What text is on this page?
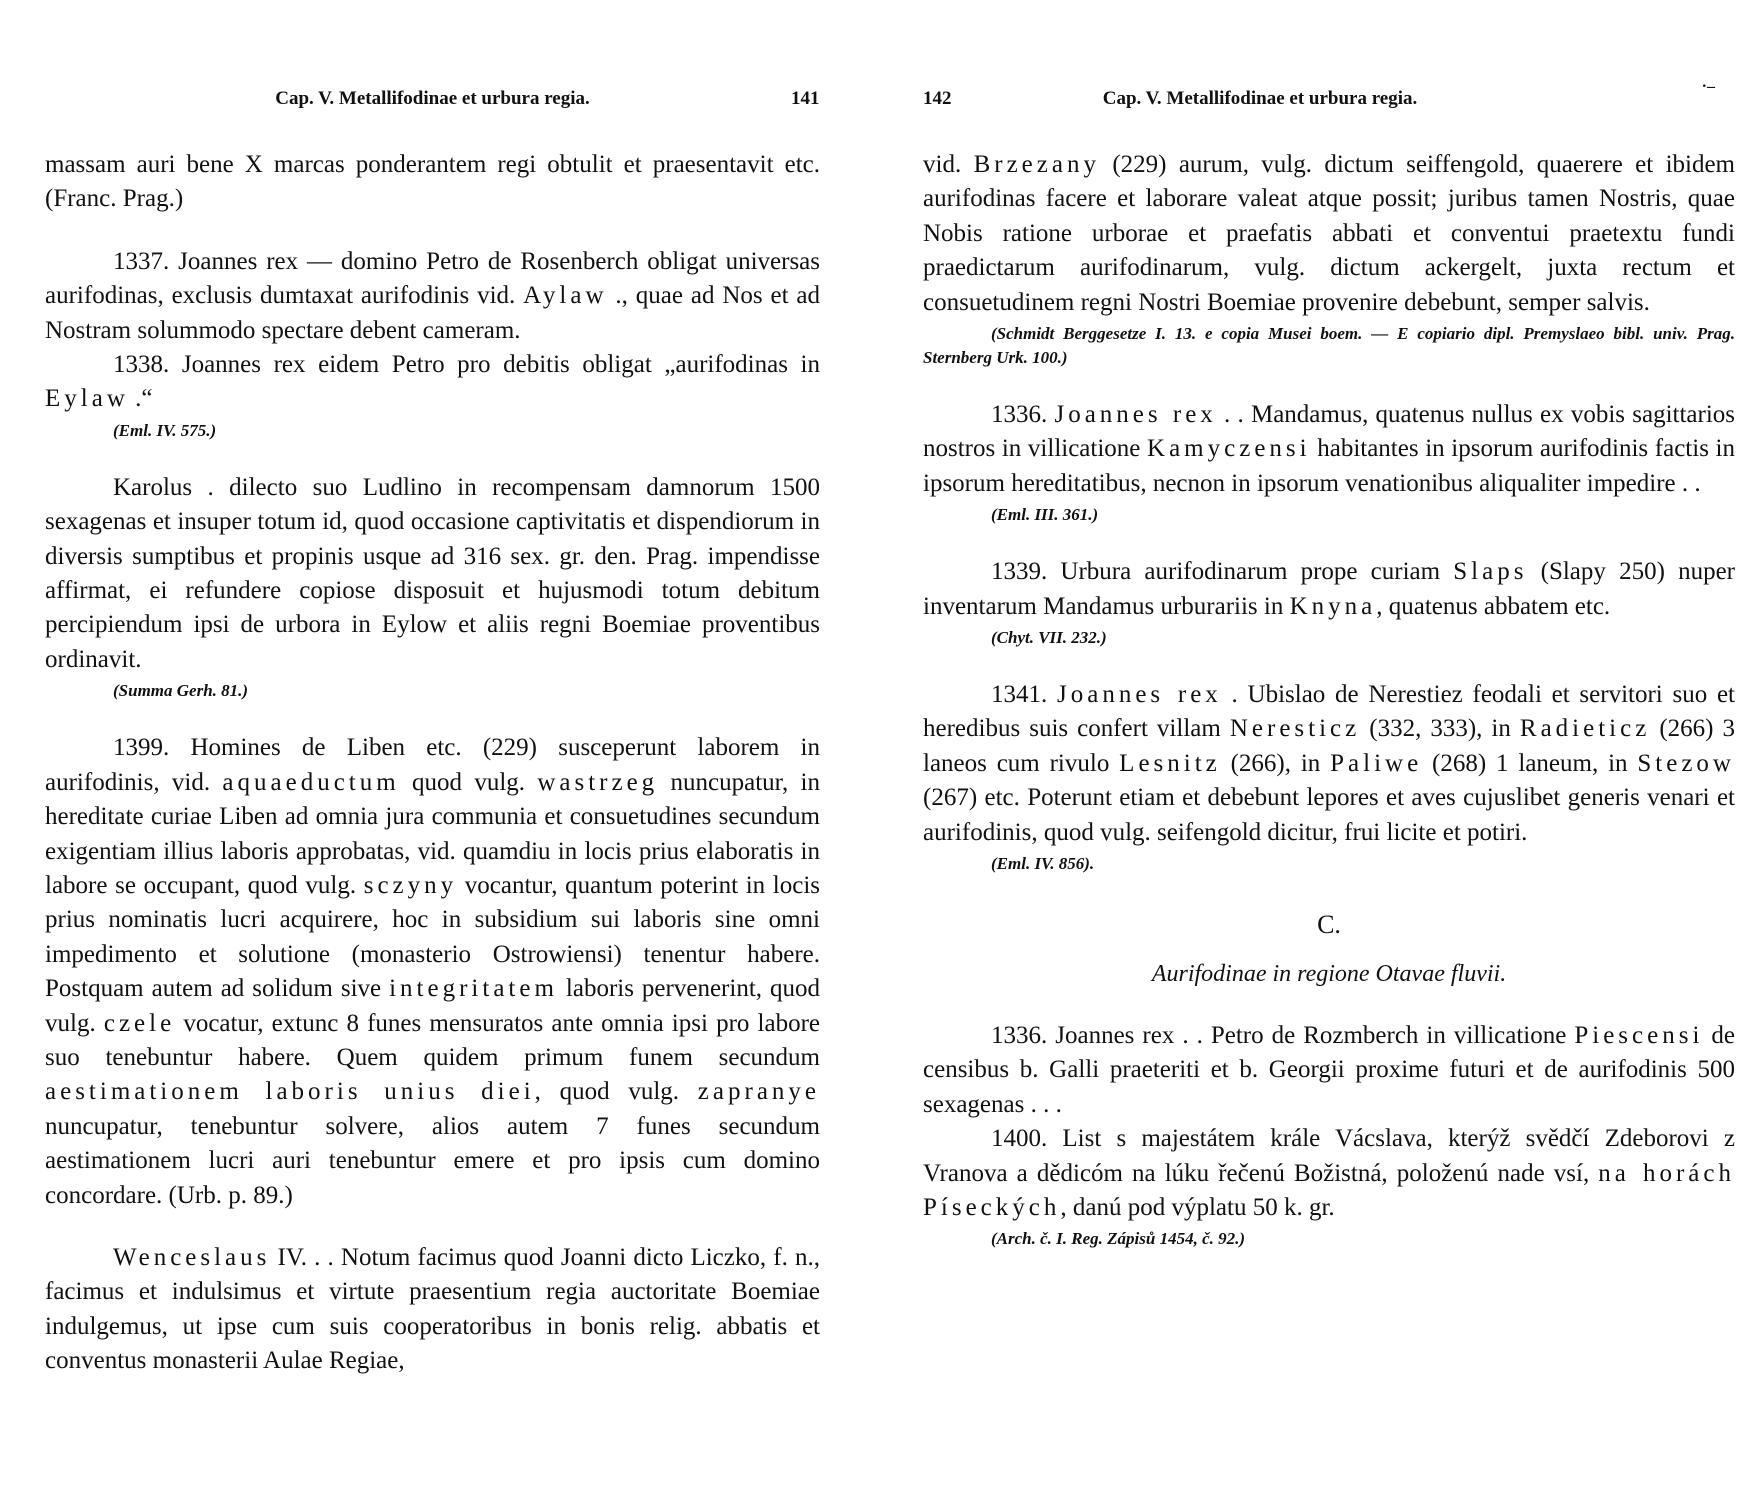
Cap. V. Metallifodinae et urbura regia.	141

massam auri bene X marcas ponderantem regi obtulit et praesentavit etc. (Franc. Prag.)

1337. Joannes rex — domino Petro de Rosenberch obligat universas aurifodinas, exclusis dumtaxat aurifodinis vid. Aylaw ., quae ad Nos et ad Nostram solummodo spectare debent cameram.

1338. Joannes rex eidem Petro pro debitis obligat „aurifodinas in Eylaw .“

(Eml. IV. 575.)

Karolus . dilecto suo Ludlino in recompensam damnorum 1500 sexagenas et insuper totum id, quod occasione captivitatis et dispendiorum in diversis sumptibus et propinis usque ad 316 sex. gr. den. Prag. impendisse affirmat, ei refundere copiose disposuit et hujusmodi totum debitum percipiendum ipsi de urbora in Eylow et aliis regni Boemiae proventibus ordinavit.

(Summa Gerh. 81.)

1399. Homines de Liben etc. (229) susceperunt laborem in aurifodinis, vid. aquaeductum quod vulg. wastrzeg nuncupatur, in hereditate curiae Liben ad omnia jura communia et consuetudines secundum exigentiam illius laboris approbatas, vid. quamdiu in locis prius elaboratis in labore se occupant, quod vulg. sczyny vocantur, quantum poterint in locis prius nominatis lucri acquirere, hoc in subsidium sui laboris sine omni impedimento et solutione (monasterio Ostrowiensi) tenentur habere. Postquam autem ad solidum sive integritatem laboris pervenerint, quod vulg. czele vocatur, extunc 8 funes mensuratos ante omnia ipsi pro labore suo tenebuntur habere. Quem quidem primum funem secundum aestimationem laboris unius diei, quod vulg. zapranye nuncupatur, tenebuntur solvere, alios autem 7 funes secundum aestimationem lucri auri tenebuntur emere et pro ipsis cum domino concordare. (Urb. p. 89.)

Wenceslaus IV. . . Notum facimus quod Joanni dicto Liczko, f. n., facimus et indulsimus et virtute praesentium regia auctoritate Boemiae indulgemus, ut ipse cum suis cooperatoribus in bonis relig. abbatis et conventus monasterii Aulae Regiae,

142	Cap. V. Metallifodinae et urbura regia.
·–

vid. Brzezany (229) aurum, vulg. dictum seiffengold, quaerere et ibidem aurifodinas facere et laborare valeat atque possit; juribus tamen Nostris, quae Nobis ratione urborae et praefatis abbati et conventui praetextu fundi praedictarum aurifodinarum, vulg. dictum ackergelt, juxta rectum et consuetudinem regni Nostri Boemiae provenire debebunt, semper salvis.

(Schmidt Berggesetze I. 13. e copia Musei boem. — E copiario dipl. Premyslaeo bibl. univ. Prag. Sternberg Urk. 100.)

1336. Joannes rex . . Mandamus, quatenus nullus ex vobis sagittarios nostros in villicatione Kamyczensi habitantes in ipsorum aurifodinis factis in ipsorum hereditatibus, necnon in ipsorum venationibus aliqualiter impedire . .

(Eml. III. 361.)

1339. Urbura aurifodinarum prope curiam Slaps (Slapy 250) nuper inventarum Mandamus urburariis in Knyna, quatenus abbatem etc.

(Chyt. VII. 232.)

1341. Joannes rex . Ubislao de Nerestiez feodali et servitori suo et heredibus suis confert villam Neresticz (332, 333), in Radieticz (266) 3 laneos cum rivulo Lesnitz (266), in Paliwe (268) 1 laneum, in Stezow (267) etc. Poterunt etiam et debebunt lepores et aves cujuslibet generis venari et aurifodinis, quod vulg. seifengold dicitur, frui licite et potiri.

(Eml. IV. 856).

C.

Aurifodinae in regione Otavae fluvii.

1336. Joannes rex . . Petro de Rozmberch in villicatione Piescensi de censibus b. Galli praeteriti et b. Georgii proxime futuri et de aurifodinis 500 sexagenas . . .

1400. List s majestátem krále Vácslava, kterýž svědčí Zdeborovi z Vranova a dědicóm na lúku řečenú Božistná, položenú nade vsí, na horách Píseckých, danú pod výplatu 50 k. gr.

(Arch. č. I. Reg. Zápisů 1454, č. 92.)
